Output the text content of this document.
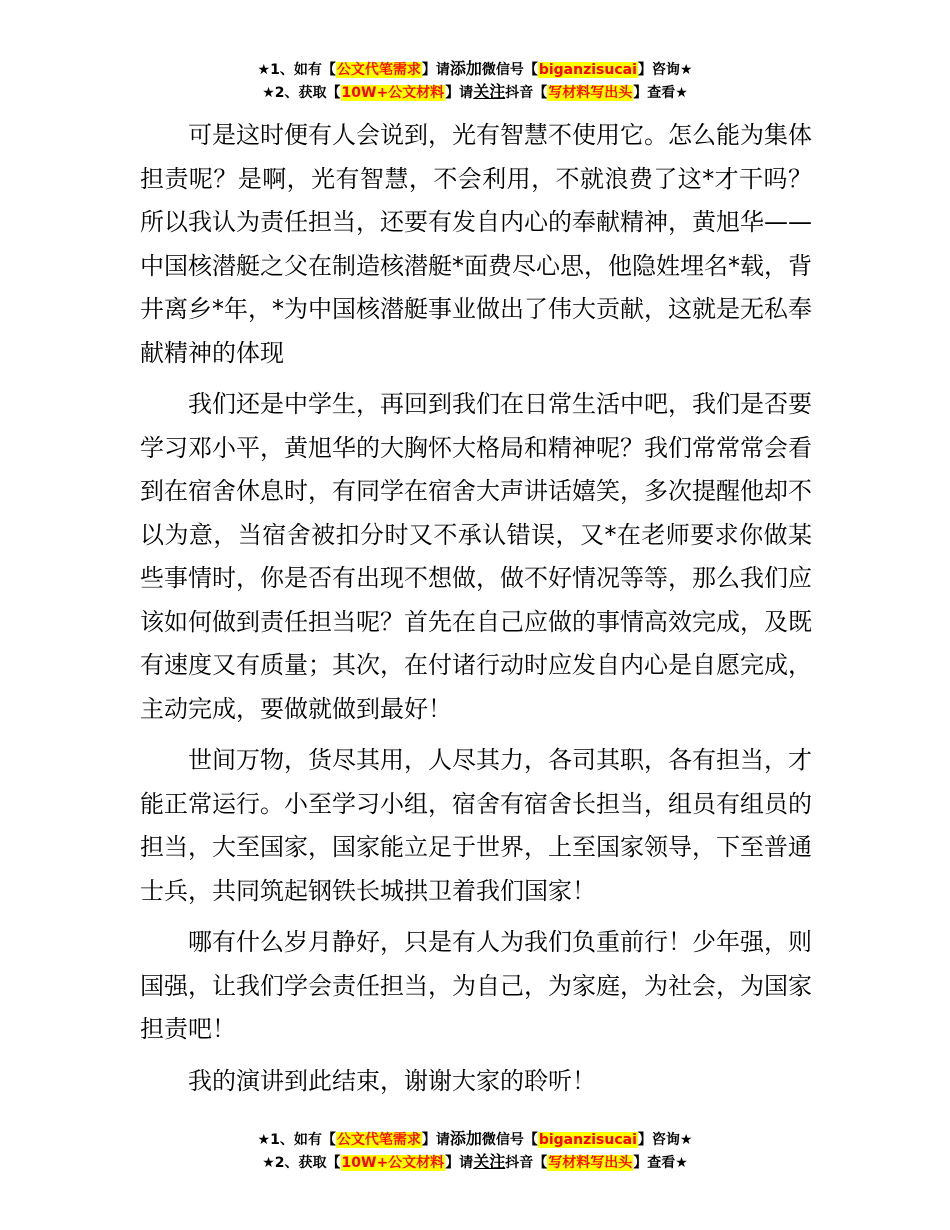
★1、如有【公文代笔需求】请添加微信号【biganzisucai】咨询★
★2、获取【10W+公文材料】请关注抖音【写材料写出头】查看★

可是这时便有人会说到，光有智慧不使用它。怎么能为集体担责呢？是啊，光有智慧，不会利用，不就浪费了这*才干吗？所以我认为责任担当，还要有发自内心的奉献精神，黄旭华——中国核潜艇之父在制造核潜艇*面费尽心思，他隐姓埋名*载，背井离乡*年，*为中国核潜艇事业做出了伟大贡献，这就是无私奉献精神的体现

我们还是中学生，再回到我们在日常生活中吧，我们是否要学习邓小平，黄旭华的大胸怀大格局和精神呢？我们常常常会看到在宿舍休息时，有同学在宿舍大声讲话嬉笑，多次提醒他却不以为意，当宿舍被扣分时又不承认错误，又*在老师要求你做某些事情时，你是否有出现不想做，做不好情况等等，那么我们应该如何做到责任担当呢？首先在自己应做的事情高效完成，及既有速度又有质量；其次，在付诸行动时应发自内心是自愿完成，主动完成，要做就做到最好！

世间万物，货尽其用，人尽其力，各司其职，各有担当，才能正常运行。小至学习小组，宿舍有宿舍长担当，组员有组员的担当，大至国家，国家能立足于世界，上至国家领导，下至普通士兵，共同筑起钢铁长城拱卫着我们国家！

哪有什么岁月静好，只是有人为我们负重前行！少年强，则国强，让我们学会责任担当，为自己，为家庭，为社会，为国家担责吧！

我的演讲到此结束，谢谢大家的聆听！

★1、如有【公文代笔需求】请添加微信号【biganzisucai】咨询★
★2、获取【10W+公文材料】请关注抖音【写材料写出头】查看★
